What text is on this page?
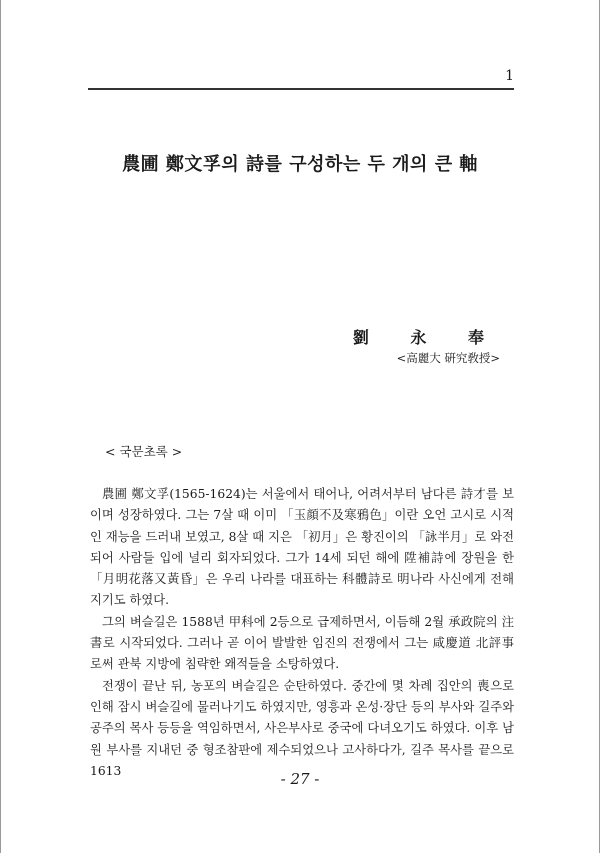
1
農圃 鄭文孚의 詩를 구성하는 두 개의 큰 軸
劉 永 奉
<高麗大 硏究敎授>
< 국문초록 >

農圃 鄭文孚(1565-1624)는 서울에서 태어나, 어려서부터 남다른 詩才를 보이며 성장하였다. 그는 7살 때 이미 「玉顔不及寒鴉色」이란 오언 고시로 시적인 재능을 드러내 보였고, 8살 때 지은 「初月」은 황진이의 「詠半月」로 와전되어 사람들 입에 널리 회자되었다. 그가 14세 되던 해에 陞補詩에 장원을 한 「月明花落又黃昏」은 우리 나라를 대표하는 科體詩로 明나라 사신에게 전해지기도 하였다.

그의 벼슬길은 1588년 甲科에 2등으로 급제하면서, 이듬해 2월 承政院의 注書로 시작되었다. 그러나 곧 이어 발발한 임진의 전쟁에서 그는 咸慶道 北評事로써 관북 지방에 침략한 왜적들을 소탕하였다.

전쟁이 끝난 뒤, 농포의 벼슬길은 순탄하였다. 중간에 몇 차례 집안의 喪으로 인해 잠시 벼슬길에 물러나기도 하였지만, 영흥과 온성·장단 등의 부사와 길주와 공주의 목사 등등을 역임하면서, 사은부사로 중국에 다녀오기도 하였다. 이후 남원 부사를 지내던 중 형조참판에 제수되었으나 고사하다가, 길주 목사를 끝으로 1613	- 27 -
